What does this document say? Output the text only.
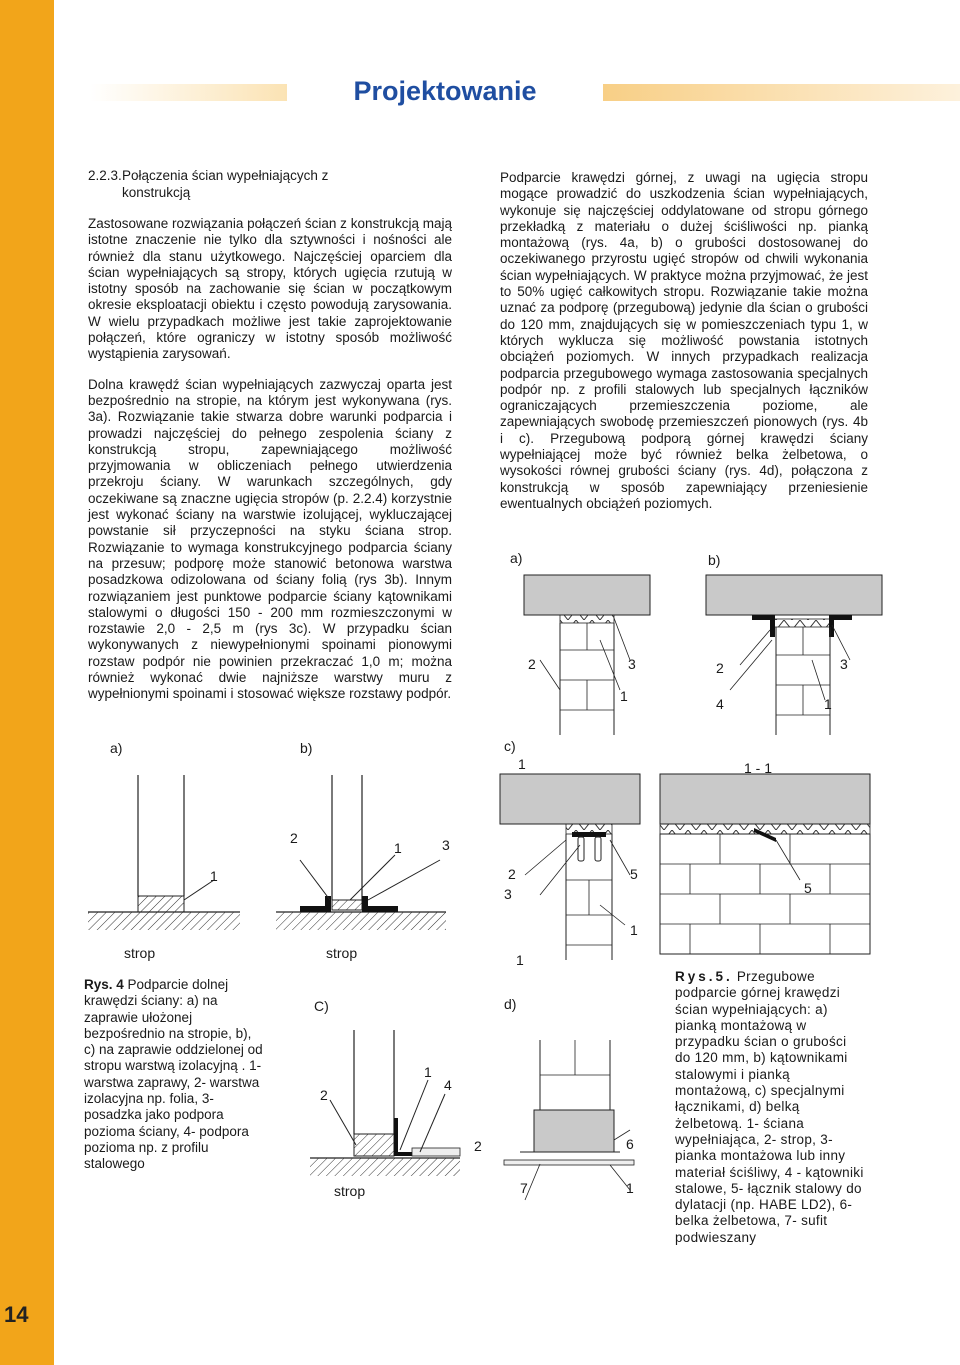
14
Projektowanie
2.2.3.Połączenia ścian wypełniających z
konstrukcją

Zastosowane rozwiązania połączeń ścian z konstrukcją mają istotne znaczenie nie tylko dla sztywności i nośności ale również dla stanu użytkowego. Najczęściej oparciem dla ścian wypełniających są stropy, których ugięcia rzutują w istotny sposób na zachowanie się ścian w początkowym okresie eksploatacji obiektu i często powodują zarysowania. W wielu przypadkach możliwe jest takie zaprojektowanie połączeń, które ograniczy w istotny sposób możliwość wystąpienia zarysowań.

Dolna krawędź ścian wypełniających zazwyczaj oparta jest bezpośrednio na stropie, na którym jest wykonywana (rys. 3a). Rozwiązanie takie stwarza dobre warunki podparcia i prowadzi najczęściej do pełnego zespolenia ściany z konstrukcją stropu, zapewniającego możliwość przyjmowania w obliczeniach pełnego utwierdzenia przekroju ściany. W warunkach szczególnych, gdy oczekiwane są znaczne ugięcia stropów (p. 2.2.4) korzystnie jest wykonać ściany na warstwie izolującej, wykluczającej powstanie sił przyczepności na styku ściana strop. Rozwiązanie to wymaga konstrukcyjnego podparcia ściany na przesuw; podporę może stanowić betonowa warstwa posadzkowa odizolowana od ściany folią (rys 3b). Innym rozwiązaniem jest punktowe podparcie ściany kątownikami stalowymi o długości 150 - 200 mm rozmieszczonymi w rozstawie 2,0 - 2,5 m (rys 3c). W przypadku ścian wykonywanych z niewypełnionymi spoinami pionowymi rozstaw podpór nie powinien przekraczać 1,0 m; można również wykonać dwie najniższe warstwy muru z wypełnionymi spoinami i stosować większe rozstawy podpór.

Podparcie krawędzi górnej, z uwagi na ugięcia stropu mogące prowadzić do uszkodzenia ścian wypełniających, wykonuje się najczęściej oddylatowane od stropu górnego przekładką z materiału o dużej ściśliwości np. pianką montażową (rys. 4a, b) o grubości dostosowanej do oczekiwanego przyrostu ugięć stropów od chwili wykonania ścian wypełniających. W praktyce można przyjmować, że jest to 50% ugięć całkowitych stropu. Rozwiązanie takie można uznać za podporę (przegubową) jedynie dla ścian o grubości do 120 mm, znajdujących się w pomieszczeniach typu 1, w których wyklucza się możliwość powstania istotnych obciążeń poziomych. W innych przypadkach realizacja podparcia przegubowego wymaga zastosowania specjalnych podpór np. z profili stalowych lub specjalnych łączników ograniczających przemieszczenia poziome, ale zapewniających swobodę przemieszczeń pionowych (rys. 4b i c). Przegubową podporą górnej krawędzi ściany wypełniającej może być również belka żelbetowa, o wysokości równej grubości ściany (rys. 4d), połączona z konstrukcją w sposób zapewniający przeniesienie ewentualnych obciążeń poziomych.

a)	b)
1
2
1	3
strop	strop
C)
2
1
4
strop
Rys. 4 Podparcie dolnej krawędzi ściany: a) na zaprawie ułożonej bezpośrednio na stropie, b), c) na zaprawie oddzielonej od stropu warstwą izolacyjną . 1- warstwa zaprawy, 2- warstwa izolacyjna np. folia, 3- posadzka jako podpora pozioma ściany, 4- podpora pozioma np. z profilu stalowego
a)	b)
2	3
1
2	3
4	1
c)
1	1 - 1
2
3
5
5
1
1
d)
6
2
7	1
Rys.5. Przegubowe podparcie górnej krawędzi ścian wypełniających: a) pianką montażową w przypadku ścian o grubości do 120 mm, b) kątownikami stalowymi i pianką montażową, c) specjalnymi łącznikami, d) belką żelbetową. 1- ściana wypełniająca, 2- strop, 3- pianka montażowa lub inny materiał ściśliwy, 4 - kątowniki stalowe, 5- łącznik stalowy do dylatacji (np. HABE LD2), 6- belka żelbetowa, 7- sufit podwieszany
